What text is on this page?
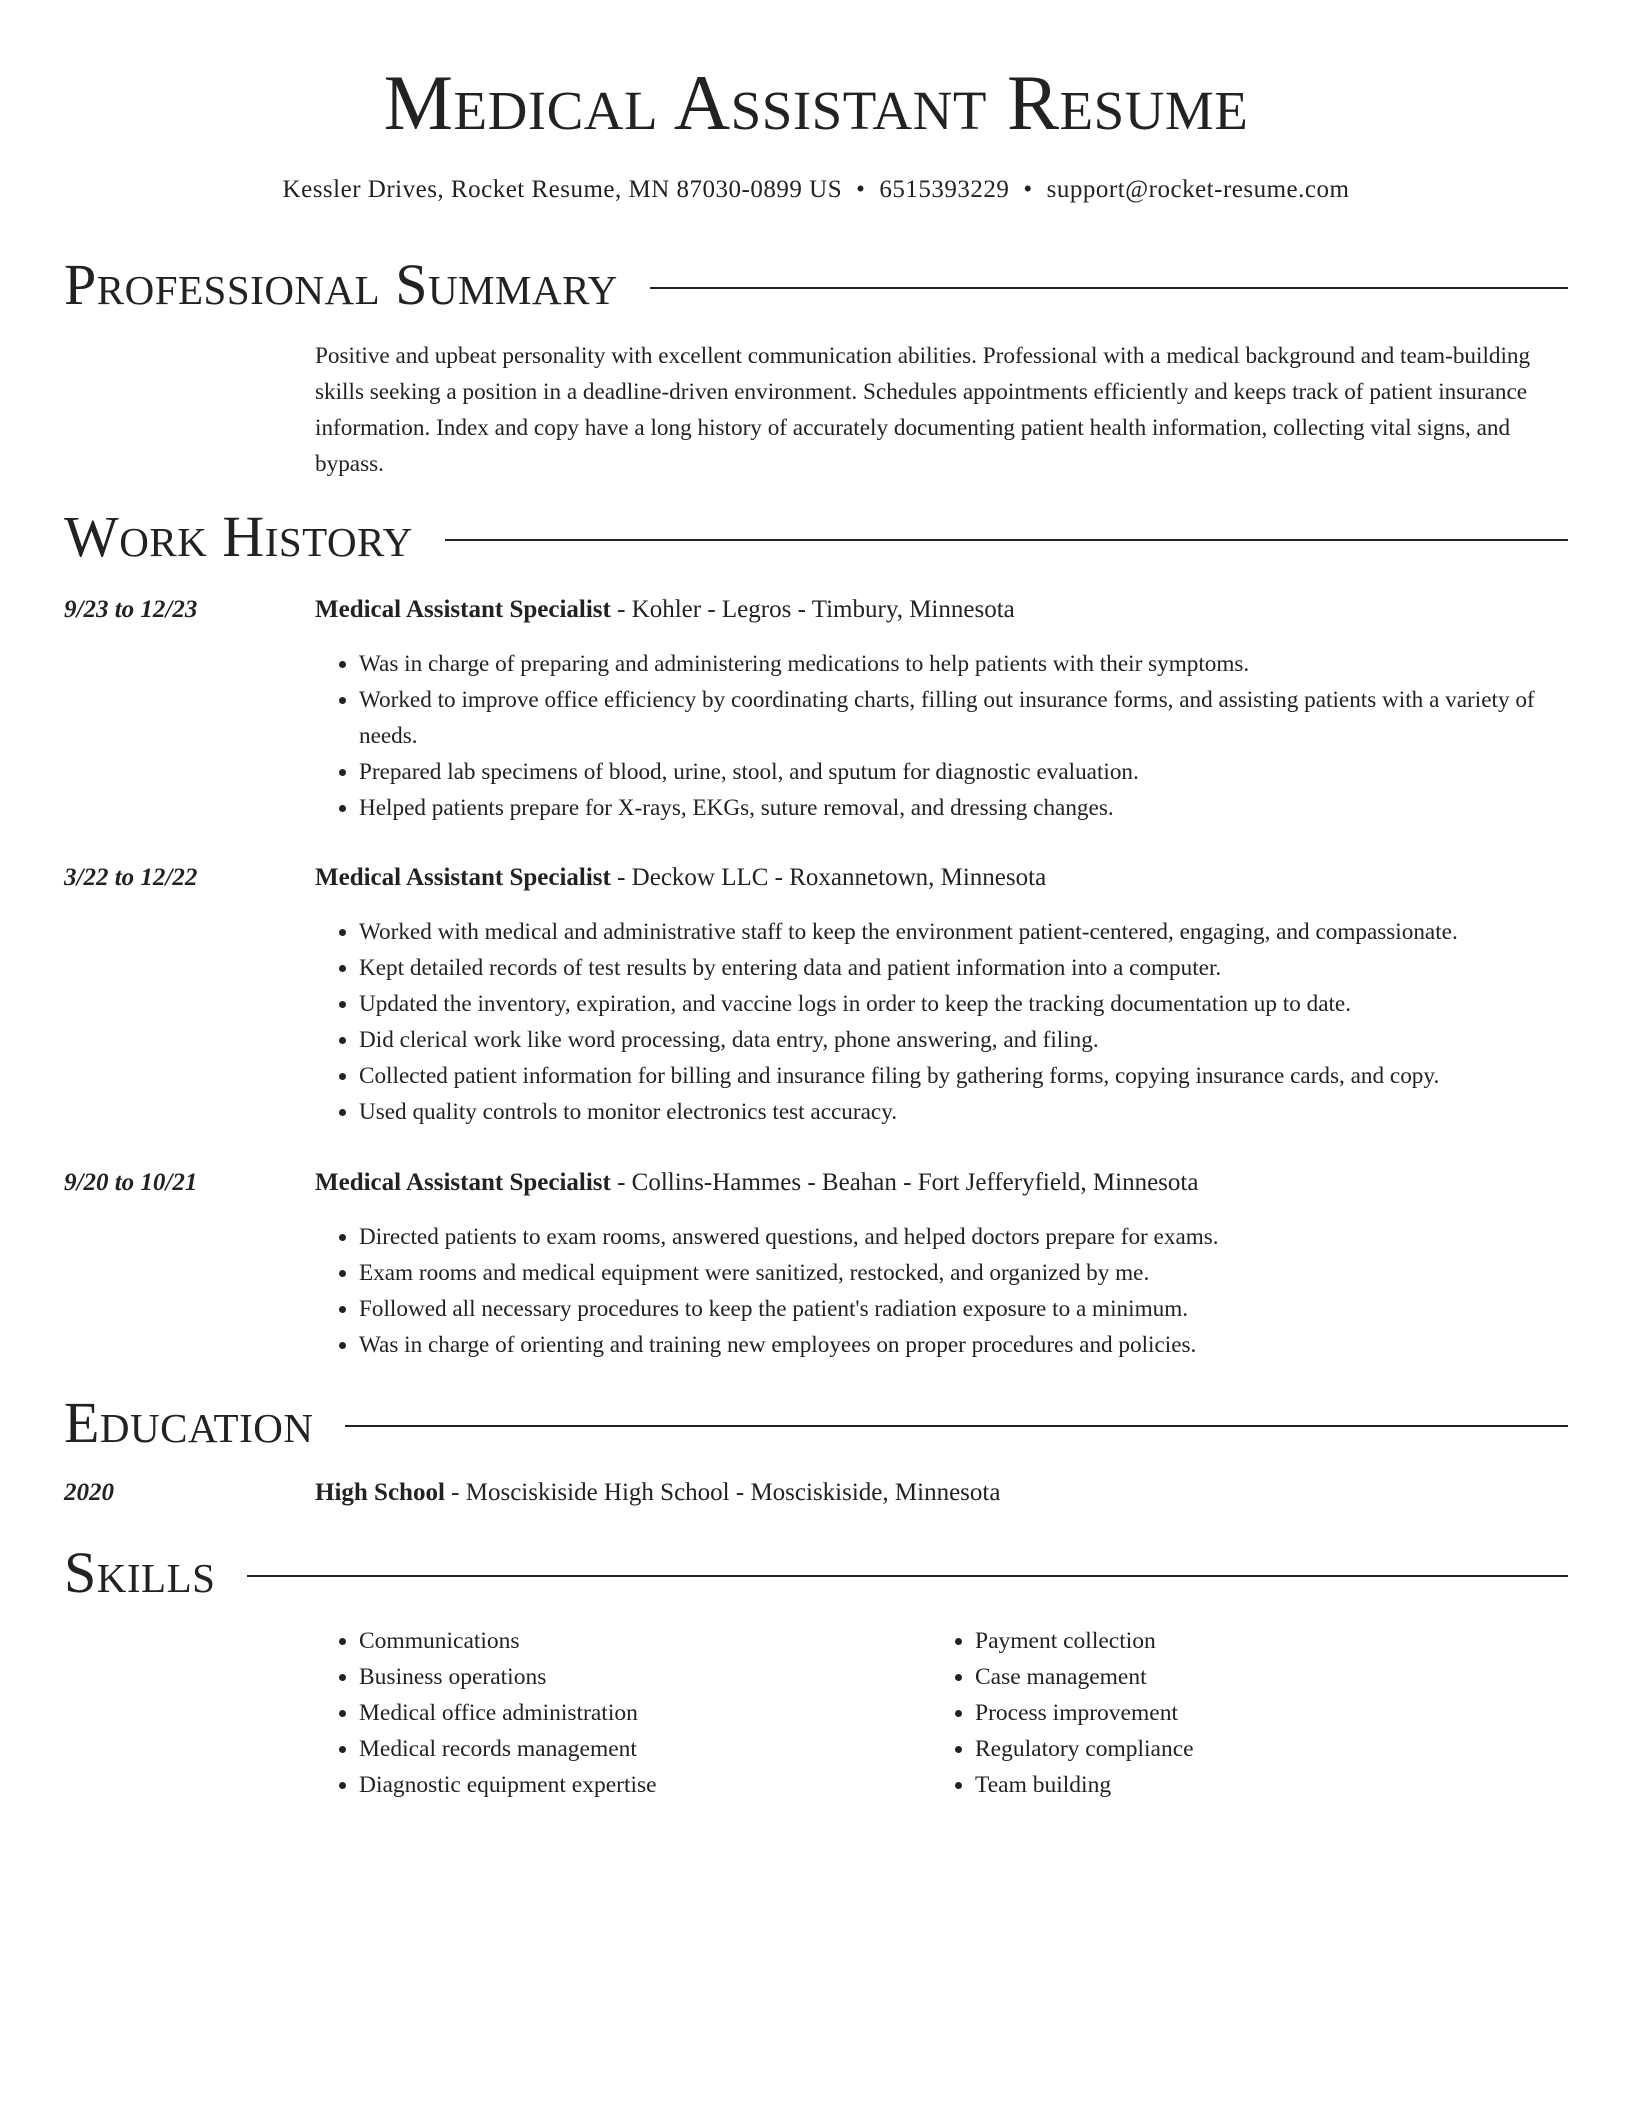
Medical Assistant Resume
Kessler Drives, Rocket Resume, MN 87030-0899 US • 6515393229 • support@rocket-resume.com
Professional Summary

Positive and upbeat personality with excellent communication abilities. Professional with a medical background and team-building skills seeking a position in a deadline-driven environment. Schedules appointments efficiently and keeps track of patient insurance information. Index and copy have a long history of accurately documenting patient health information, collecting vital signs, and bypass.

Work History
9/23 to 12/23	Medical Assistant Specialist - Kohler - Legros - Timbury, Minnesota
• Was in charge of preparing and administering medications to help patients with their symptoms.
• Worked to improve office efficiency by coordinating charts, filling out insurance forms, and assisting patients with a variety of needs.
• Prepared lab specimens of blood, urine, stool, and sputum for diagnostic evaluation.
• Helped patients prepare for X-rays, EKGs, suture removal, and dressing changes.
3/22 to 12/22	Medical Assistant Specialist - Deckow LLC - Roxannetown, Minnesota
• Worked with medical and administrative staff to keep the environment patient-centered, engaging, and compassionate.
• Kept detailed records of test results by entering data and patient information into a computer.
• Updated the inventory, expiration, and vaccine logs in order to keep the tracking documentation up to date.
• Did clerical work like word processing, data entry, phone answering, and filing.
• Collected patient information for billing and insurance filing by gathering forms, copying insurance cards, and copy.
• Used quality controls to monitor electronics test accuracy.
9/20 to 10/21	Medical Assistant Specialist - Collins-Hammes - Beahan - Fort Jefferyfield, Minnesota
• Directed patients to exam rooms, answered questions, and helped doctors prepare for exams.
• Exam rooms and medical equipment were sanitized, restocked, and organized by me.
• Followed all necessary procedures to keep the patient's radiation exposure to a minimum.
• Was in charge of orienting and training new employees on proper procedures and policies.
Education
2020	High School - Mosciskiside High School - Mosciskiside, Minnesota
Skills
• Communications
• Business operations
• Medical office administration
• Medical records management
• Diagnostic equipment expertise
• Payment collection
• Case management
• Process improvement
• Regulatory compliance
• Team building
